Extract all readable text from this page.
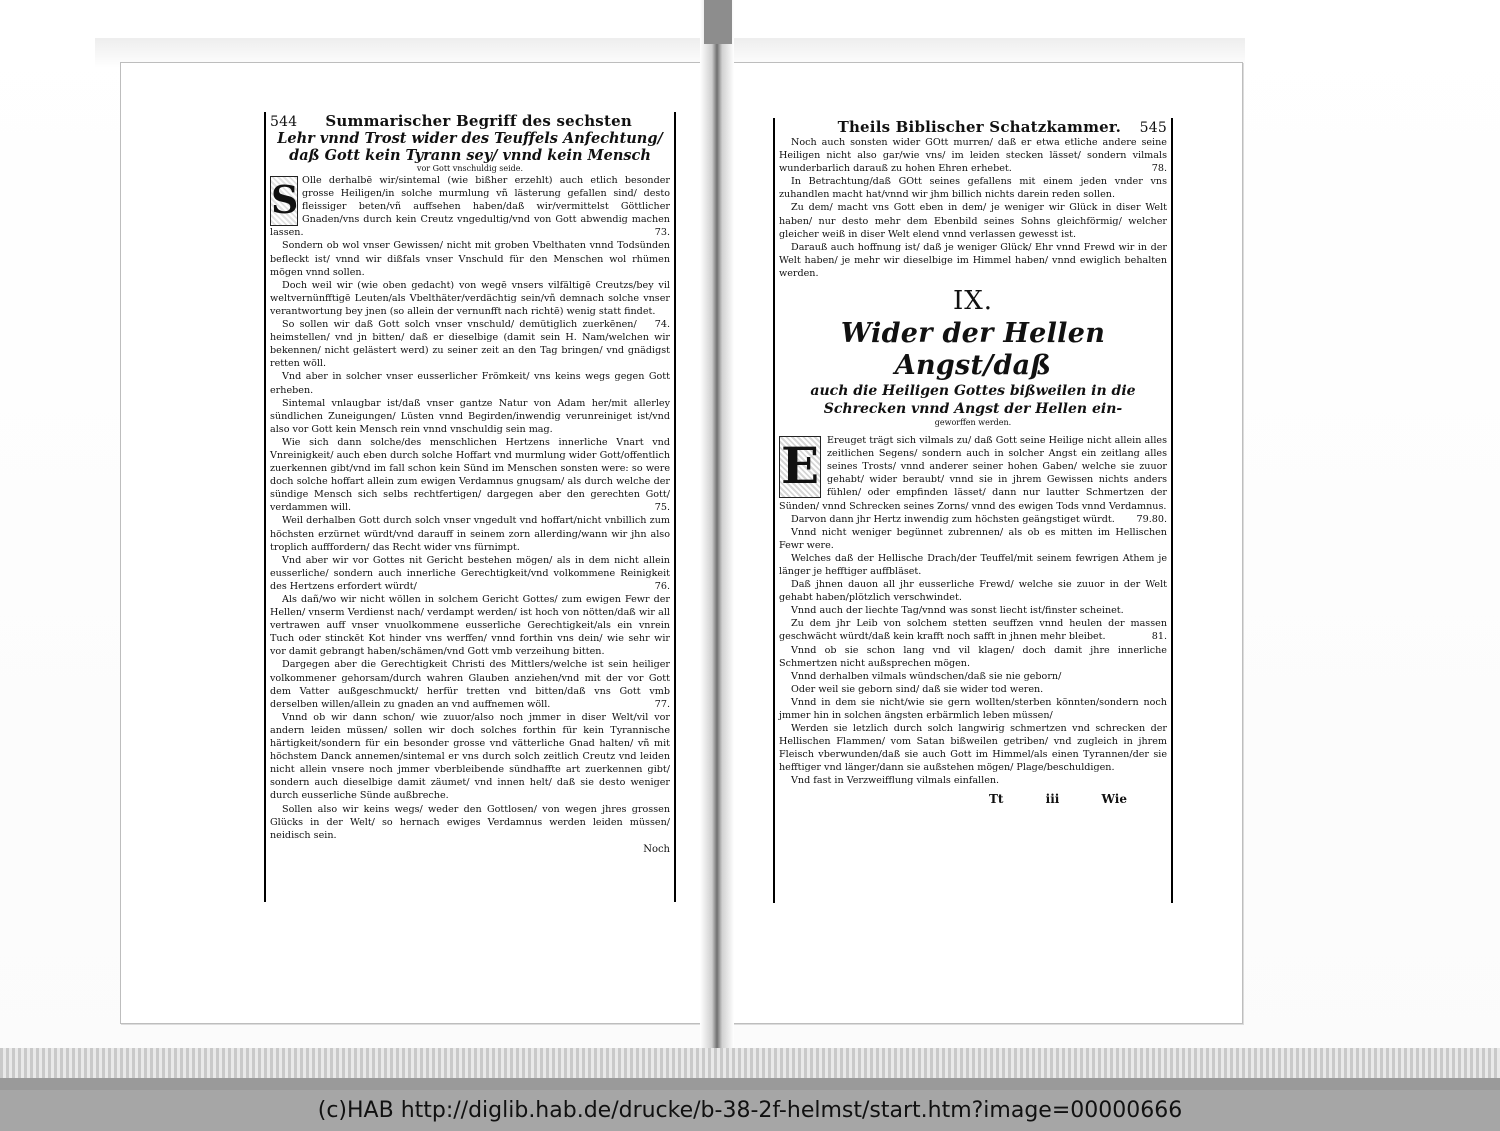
544 Summarischer Begriff des sechsten
Lehr vnnd Trost wider des Teuffels Anfechtung/
daß Gott kein Tyrann sey/ vnnd kein Mensch
vor Gott vnschuldig seide.

S Olle derhalbē wir/sintemal (wie bißher erzehlt) auch etlich besonder grosse Heiligen/in solche murmlung vñ lästerung gefallen sind/ desto fleissiger beten/vñ auffsehen haben/daß wir/vermittelst Göttlicher Gnaden/vns durch kein Creutz vngedultig/vnd von Gott abwendig machen lassen.	73.

Sondern ob wol vnser Gewissen/ nicht mit groben Vbelthaten vnnd Todsünden befleckt ist/ vnnd wir dißfals vnser Vnschuld für den Menschen wol rhümen mögen vnnd sollen.

Doch weil wir (wie oben gedacht) von wegē vnsers vilfältigē Creutzs/bey vil weltvernünfftigē Leuten/als Vbelthäter/verdächtig sein/vñ demnach solche vnser verantwortung bey jnen (so allein der vernunfft nach richtē) wenig statt findet.
74.

So sollen wir daß Gott solch vnser vnschuld/ demütiglich zuerkēnen/ heimstellen/ vnd jn bitten/ daß er dieselbige (damit sein H. Nam/welchen wir bekennen/ nicht gelästert werd) zu seiner zeit an den Tag bringen/ vnd gnädigst retten wöll.

Vnd aber in solcher vnser eusserlicher Frömkeit/ vns keins wegs gegen Gott erheben.

Sintemal vnlaugbar ist/daß vnser gantze Natur von Adam her/mit allerley sündlichen Zuneigungen/ Lüsten vnnd Begirden/inwendig verunreiniget ist/vnd also vor Gott kein Mensch rein vnnd vnschuldig sein mag.

Wie sich dann solche/des menschlichen Hertzens innerliche Vnart vnd Vnreinigkeit/ auch eben durch solche Hoffart vnd murmlung wider Gott/offentlich zuerkennen gibt/vnd im fall schon kein Sünd im Menschen sonsten were: so were doch solche hoffart allein zum ewigen Verdamnus gnugsam/ als durch welche der sündige Mensch sich selbs rechtfertigen/ dargegen aber den gerechten Gott/ verdammen will.	75.

Weil derhalben Gott durch solch vnser vngedult vnd hoffart/nicht vnbillich zum höchsten erzürnet würdt/vnd darauff in seinem zorn allerding/wann wir jhn also troplich aufffordern/ das Recht wider vns fürnimpt.

Vnd aber wir vor Gottes nit Gericht bestehen mögen/ als in dem nicht allein eusserliche/ sondern auch innerliche Gerechtigkeit/vnd volkommene Reinigkeit des Hertzens erfordert würdt/	76.

Als dañ/wo wir nicht wöllen in solchem Gericht Gottes/ zum ewigen Fewr der Hellen/ vnserm Verdienst nach/ verdampt werden/ ist hoch von nötten/daß wir all vertrawen auff vnser vnuolkommene eusserliche Gerechtigkeit/als ein vnrein Tuch oder stinckēt Kot hinder vns werffen/ vnnd forthin vns dein/ wie sehr wir vor damit gebrangt haben/schämen/vnd Gott vmb verzeihung bitten.

Dargegen aber die Gerechtigkeit Christi des Mittlers/welche ist sein heiliger volkommener gehorsam/durch wahren Glauben anziehen/vnd mit der vor Gott dem Vatter außgeschmuckt/ herfür tretten vnd bitten/daß vns Gott vmb derselben willen/allein zu gnaden an vnd auffnemen wöll.	77.

Vnnd ob wir dann schon/ wie zuuor/also noch jmmer in diser Welt/vil vor andern leiden müssen/ sollen wir doch solches forthin für kein Tyrannische härtigkeit/sondern für ein besonder grosse vnd vätterliche Gnad halten/ vñ mit höchstem Danck annemen/sintemal er vns durch solch zeitlich Creutz vnd leiden nicht allein vnsere noch jmmer vberbleibende sündhaffte art zuerkennen gibt/ sondern auch dieselbige damit zäumet/ vnd innen helt/ daß sie desto weniger durch eusserliche Sünde außbreche.

Sollen also wir keins wegs/ weder den Gottlosen/ von wegen jhres grossen Glücks in der Welt/ so hernach ewiges Verdamnus werden leiden müssen/ neidisch sein.

Noch
Theils Biblischer Schatzkammer. 545

Noch auch sonsten wider GOtt murren/ daß er etwa etliche andere seine Heiligen nicht also gar/wie vns/ im leiden stecken lässet/ sondern vilmals wunderbarlich darauß zu hohen Ehren erhebet.	78.

In Betrachtung/daß GOtt seines gefallens mit einem jeden vnder vns zuhandlen macht hat/vnnd wir jhm billich nichts darein reden sollen.

Zu dem/ macht vns Gott eben in dem/ je weniger wir Glück in diser Welt haben/ nur desto mehr dem Ebenbild seines Sohns gleichförmig/ welcher gleicher weiß in diser Welt elend vnnd verlassen gewesst ist.

Darauß auch hoffnung ist/ daß je weniger Glück/ Ehr vnnd Frewd wir in der Welt haben/ je mehr wir dieselbige im Himmel haben/ vnnd ewiglich behalten werden.

IX.
Wider der Hellen Angst/daß
auch die Heiligen Gottes bißweilen in die
Schrecken vnnd Angst der Hellen ein-
geworffen werden.

E Ereuget trägt sich vilmals zu/ daß Gott seine Heilige nicht allein alles zeitlichen Segens/ sondern auch in solcher Angst ein zeitlang alles seines Trosts/ vnnd anderer seiner hohen Gaben/ welche sie zuuor gehabt/ wider beraubt/ vnnd sie in jhrem Gewissen nichts anders fühlen/ oder empfinden lässet/ dann nur lautter Schmertzen der Sünden/ vnnd Schrecken seines Zorns/ vnnd des ewigen Tods vnnd Verdamnus.
79.80.

Darvon dann jhr Hertz inwendig zum höchsten geängstiget würdt.

Vnnd nicht weniger begünnet zubrennen/ als ob es mitten im Hellischen Fewr were.

Welches daß der Hellische Drach/der Teuffel/mit seinem fewrigen Athem je länger je hefftiger auffbläset.

Daß jhnen dauon all jhr eusserliche Frewd/ welche sie zuuor in der Welt gehabt haben/plötzlich verschwindet.

Vnnd auch der liechte Tag/vnnd was sonst liecht ist/finster scheinet.

Zu dem jhr Leib von solchem stetten seuffzen vnnd heulen der massen geschwächt würdt/daß kein krafft noch safft in jhnen mehr bleibet.	81.

Vnnd ob sie schon lang vnd vil klagen/ doch damit jhre innerliche Schmertzen nicht außsprechen mögen.

Vnnd derhalben vilmals wündschen/daß sie nie geborn/

Oder weil sie geborn sind/ daß sie wider tod weren.

Vnnd in dem sie nicht/wie sie gern wollten/sterben könnten/sondern noch jmmer hin in solchen ängsten erbärmlich leben müssen/

Werden sie letzlich durch solch langwirig schmertzen vnd schrecken der Hellischen Flammen/ vom Satan bißweilen getriben/ vnd zugleich in jhrem Fleisch vberwunden/daß sie auch Gott im Himmel/als einen Tyrannen/der sie hefftiger vnd länger/dann sie außstehen mögen/ Plage/beschuldigen.

Vnd fast in Verzweifflung vilmals einfallen.

Tt	iii	Wie
(c)HAB http://diglib.hab.de/drucke/b-38-2f-helmst/start.htm?image=00000666
